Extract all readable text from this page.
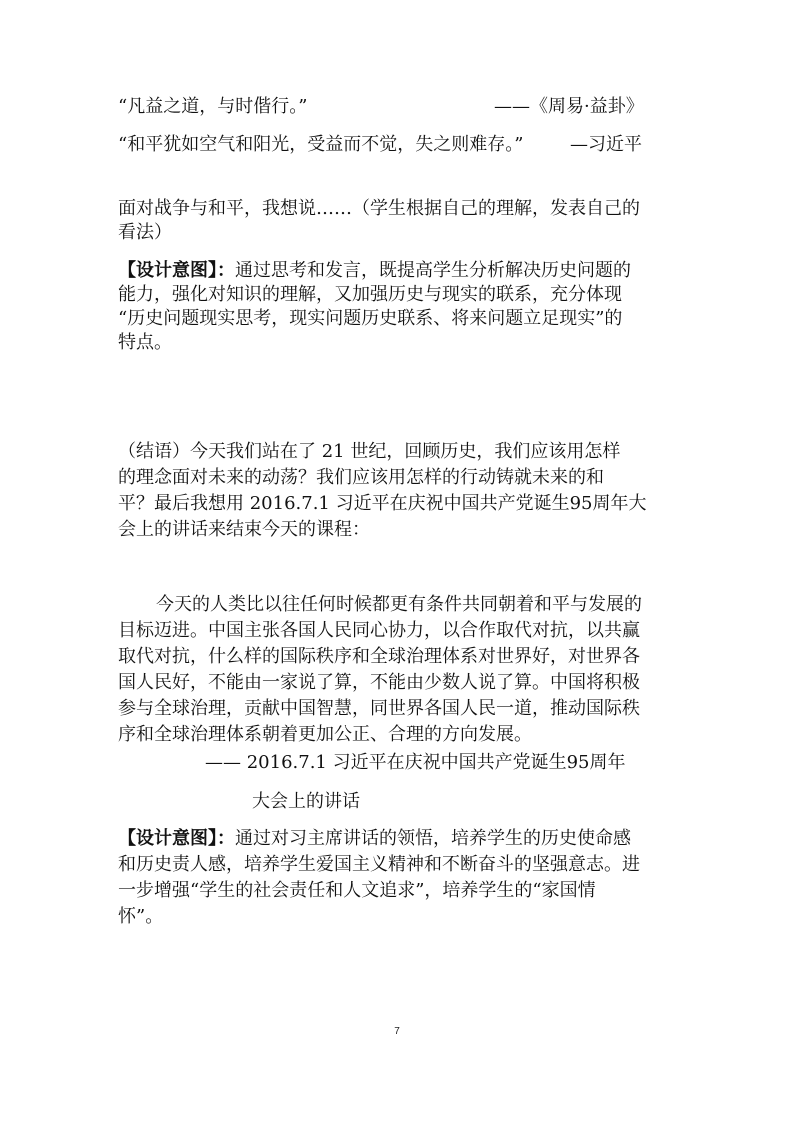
“凡益之道，与时偕行。”	——《周易·益卦》
“和平犹如空气和阳光，受益而不觉，失之则难存。”	—习近平
面对战争与和平，我想说……（学生根据自己的理解，发表自己的
看法）
【设计意图】：通过思考和发言，既提高学生分析解决历史问题的
能力，强化对知识的理解，又加强历史与现实的联系，充分体现
“历史问题现实思考，现实问题历史联系、将来问题立足现实”的
特点。
（结语）今天我们站在了 21 世纪，回顾历史，我们应该用怎样
的理念面对未来的动荡？我们应该用怎样的行动铸就未来的和
平？最后我想用 2016.7.1 习近平在庆祝中国共产党诞生95周年大
会上的讲话来结束今天的课程：
今天的人类比以往任何时候都更有条件共同朝着和平与发展的
目标迈进。中国主张各国人民同心协力，以合作取代对抗，以共赢
取代对抗，什么样的国际秩序和全球治理体系对世界好，对世界各
国人民好，不能由一家说了算，不能由少数人说了算。中国将积极
参与全球治理，贡献中国智慧，同世界各国人民一道，推动国际秩
序和全球治理体系朝着更加公正、合理的方向发展。
—— 2016.7.1 习近平在庆祝中国共产党诞生95周年
大会上的讲话
【设计意图】：通过对习主席讲话的领悟，培养学生的历史使命感
和历史责人感，培养学生爱国主义精神和不断奋斗的坚强意志。进
一步增强“学生的社会责任和人文追求”，培养学生的“家国情
怀”。
7
